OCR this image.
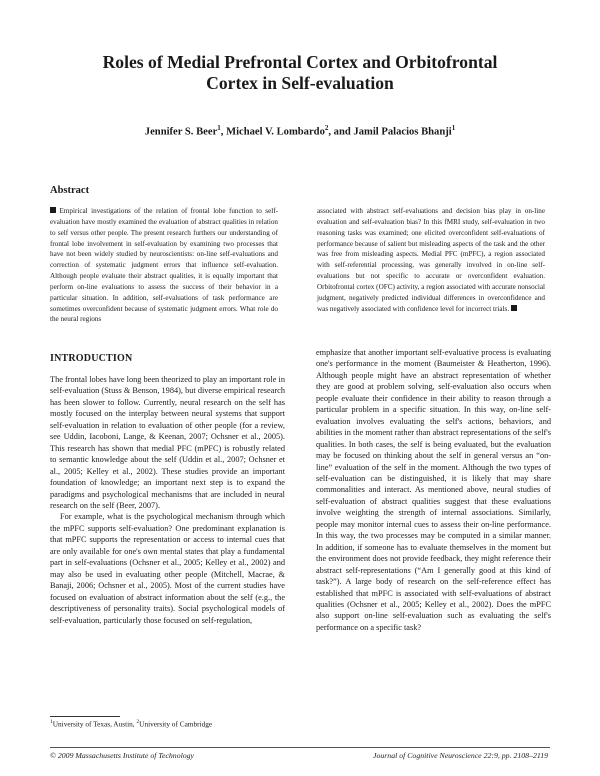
Roles of Medial Prefrontal Cortex and Orbitofrontal
Cortex in Self-evaluation
Jennifer S. Beer$^1$, Michael V. Lombardo$^2$, and Jamil Palacios Bhanji$^1$
Abstract
Empirical investigations of the relation of frontal lobe function to self-evaluation have mostly examined the evaluation of abstract qualities in relation to self versus other people. The present research furthers our understanding of frontal lobe involvement in self-evaluation by examining two processes that have not been widely studied by neuroscientists: on-line self-evaluations and correction of systematic judgment errors that influence self-evaluation. Although people evaluate their abstract qualities, it is equally important that perform on-line evaluations to assess the success of their behavior in a particular situation. In addition, self-evaluations of task performance are sometimes overconfident because of systematic judgment errors. What role do the neural regions
associated with abstract self-evaluations and decision bias play in on-line evaluation and self-evaluation bias? In this fMRI study, self-evaluation in two reasoning tasks was examined; one elicited overconfident self-evaluations of performance because of salient but misleading aspects of the task and the other was free from misleading aspects. Medial PFC (mPFC), a region associated with self-referential processing, was generally involved in on-line self-evaluations but not specific to accurate or overconfident evaluation. Orbitofrontal cortex (OFC) activity, a region associated with accurate nonsocial judgment, negatively predicted individual differences in overconfidence and was negatively associated with confidence level for incorrect trials.
INTRODUCTION

The frontal lobes have long been theorized to play an important role in self-evaluation (Stuss & Benson, 1984), but diverse empirical research has been slower to follow. Currently, neural research on the self has mostly focused on the interplay between neural systems that support self-evaluation in relation to evaluation of other people (for a review, see Uddin, Iacoboni, Lange, & Keenan, 2007; Ochsner et al., 2005). This research has shown that medial PFC (mPFC) is robustly related to semantic knowledge about the self (Uddin et al., 2007; Ochsner et al., 2005; Kelley et al., 2002). These studies provide an important foundation of knowledge; an important next step is to expand the paradigms and psychological mechanisms that are included in neural research on the self (Beer, 2007).

For example, what is the psychological mechanism through which the mPFC supports self-evaluation? One predominant explanation is that mPFC supports the representation or access to internal cues that are only available for one's own mental states that play a fundamental part in self-evaluations (Ochsner et al., 2005; Kelley et al., 2002) and may also be used in evaluating other people (Mitchell, Macrae, & Banaji, 2006; Ochsner et al., 2005). Most of the current studies have focused on evaluation of abstract information about the self (e.g., the descriptiveness of personality traits). Social psychological models of self-evaluation, particularly those focused on self-regulation,

emphasize that another important self-evaluative process is evaluating one's performance in the moment (Baumeister & Heatherton, 1996). Although people might have an abstract representation of whether they are good at problem solving, self-evaluation also occurs when people evaluate their confidence in their ability to reason through a particular problem in a specific situation. In this way, on-line self-evaluation involves evaluating the self's actions, behaviors, and abilities in the moment rather than abstract representations of the self's qualities. In both cases, the self is being evaluated, but the evaluation may be focused on thinking about the self in general versus an “on-line” evaluation of the self in the moment. Although the two types of self-evaluation can be distinguished, it is likely that may share commonalities and interact. As mentioned above, neural studies of self-evaluation of abstract qualities suggest that these evaluations involve weighting the strength of internal associations. Similarly, people may monitor internal cues to assess their on-line performance. In this way, the two processes may be computed in a similar manner. In addition, if someone has to evaluate themselves in the moment but the environment does not provide feedback, they might reference their abstract self-representations (“Am I generally good at this kind of task?”). A large body of research on the self-reference effect has established that mPFC is associated with self-evaluations of abstract qualities (Ochsner et al., 2005; Kelley et al., 2002). Does the mPFC also support on-line self-evaluation such as evaluating the self's performance on a specific task?

$^1$University of Texas, Austin, $^2$University of Cambridge
© 2009 Massachusetts Institute of Technology	Journal of Cognitive Neuroscience 22:9, pp. 2108–2119
